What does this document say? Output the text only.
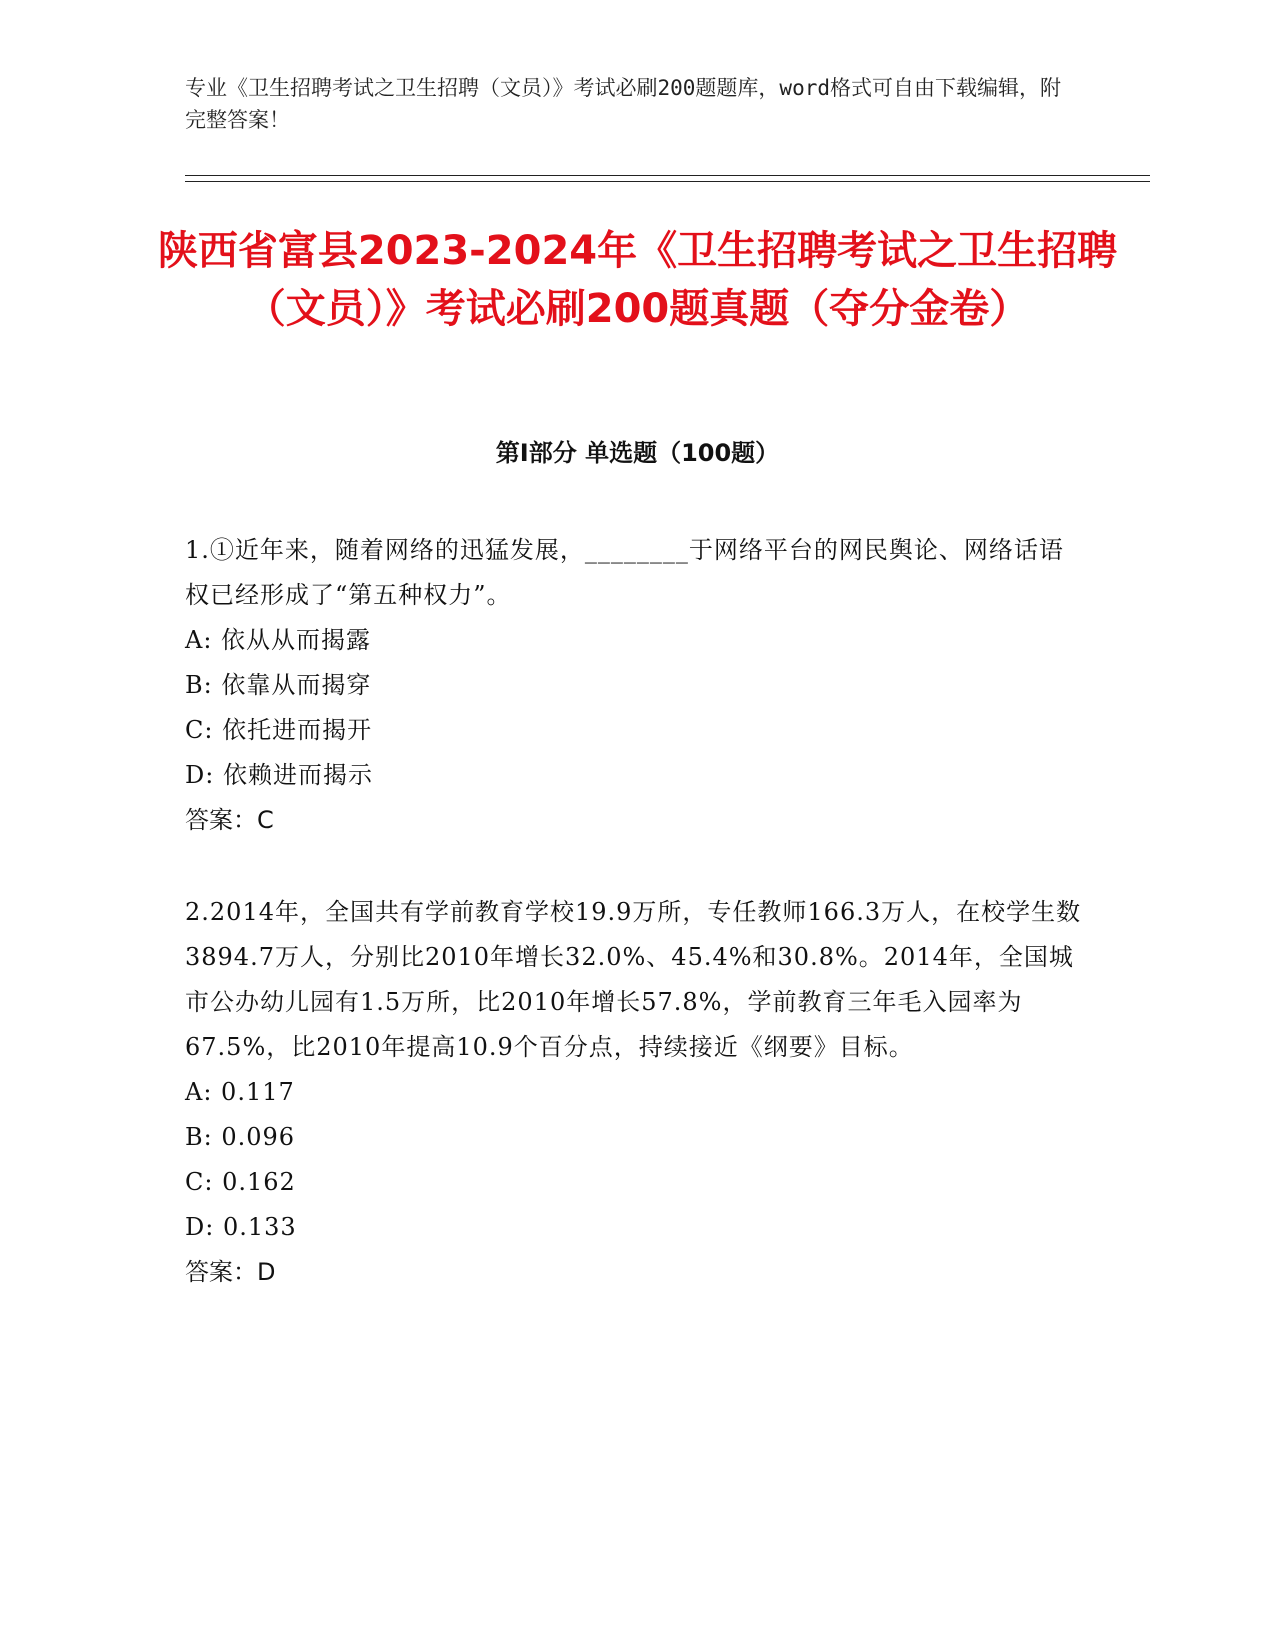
专业《卫生招聘考试之卫生招聘（文员）》考试必刷200题题库，word格式可自由下载编辑，附完整答案！

陕西省富县2023-2024年《卫生招聘考试之卫生招聘（文员）》考试必刷200题真题（夺分金卷）
第Ⅰ部分 单选题（100题）

1.①近年来，随着网络的迅猛发展，________于网络平台的网民舆论、网络话语权已经形成了“第五种权力”。

A: 依从从而揭露

B: 依靠从而揭穿

C: 依托进而揭开

D: 依赖进而揭示

答案：C

2.2014年，全国共有学前教育学校19.9万所，专任教师166.3万人，在校学生数3894.7万人，分别比2010年增长32.0%、45.4%和30.8%。2014年，全国城市公办幼儿园有1.5万所，比2010年增长57.8%，学前教育三年毛入园率为67.5%，比2010年提高10.9个百分点，持续接近《纲要》目标。

A: 0.117

B: 0.096

C: 0.162

D: 0.133

答案：D
